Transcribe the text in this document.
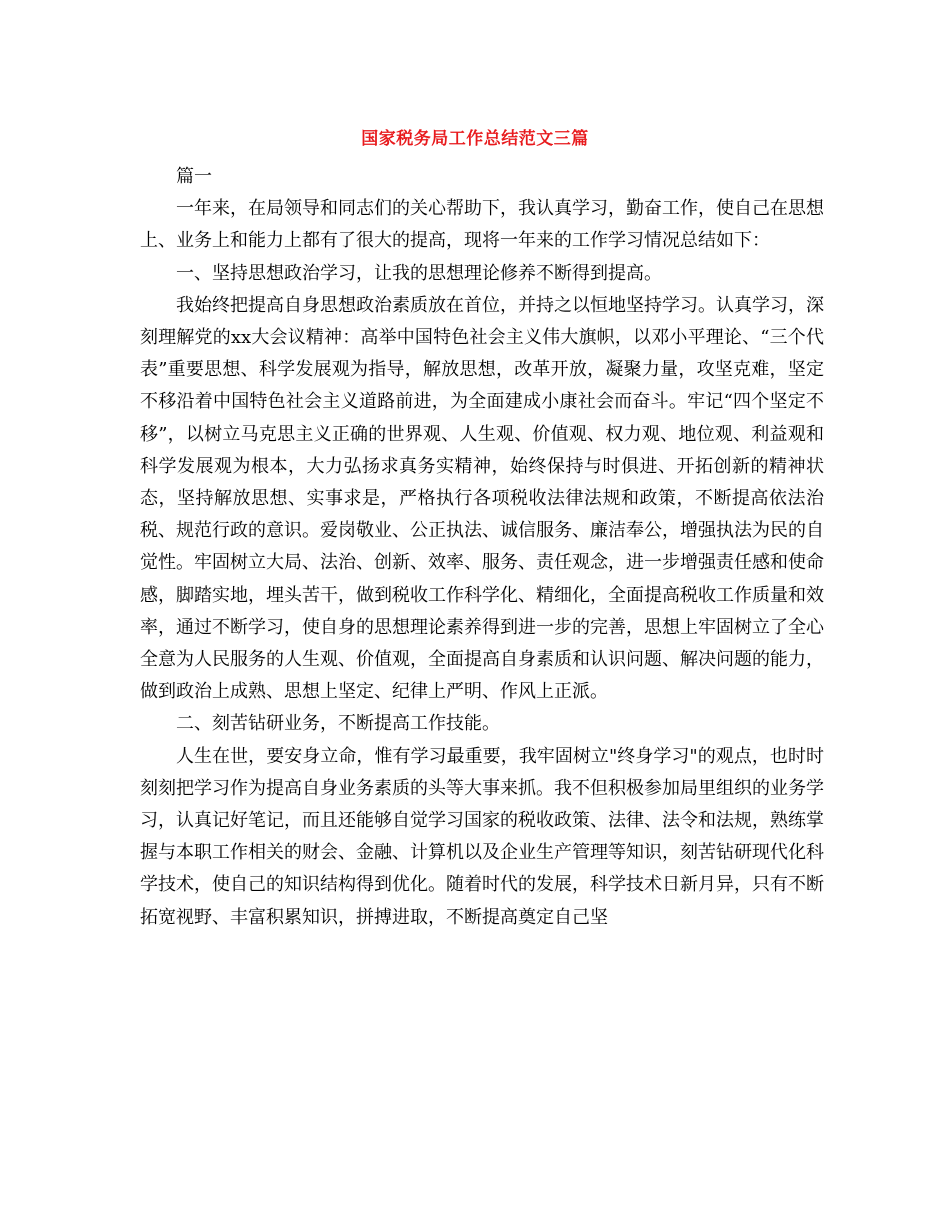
国家税务局工作总结范文三篇

篇一

一年来，在局领导和同志们的关心帮助下，我认真学习，勤奋工作，使自己在思想上、业务上和能力上都有了很大的提高，现将一年来的工作学习情况总结如下：

一、坚持思想政治学习，让我的思想理论修养不断得到提高。

我始终把提高自身思想政治素质放在首位，并持之以恒地坚持学习。认真学习，深刻理解党的xx大会议精神：高举中国特色社会主义伟大旗帜，以邓小平理论、“三个代表”重要思想、科学发展观为指导，解放思想，改革开放，凝聚力量，攻坚克难，坚定不移沿着中国特色社会主义道路前进，为全面建成小康社会而奋斗。牢记“四个坚定不移”，以树立马克思主义正确的世界观、人生观、价值观、权力观、地位观、利益观和科学发展观为根本，大力弘扬求真务实精神，始终保持与时俱进、开拓创新的精神状态，坚持解放思想、实事求是，严格执行各项税收法律法规和政策，不断提高依法治税、规范行政的意识。爱岗敬业、公正执法、诚信服务、廉洁奉公，增强执法为民的自觉性。牢固树立大局、法治、创新、效率、服务、责任观念，进一步增强责任感和使命感，脚踏实地，埋头苦干，做到税收工作科学化、精细化，全面提高税收工作质量和效率，通过不断学习，使自身的思想理论素养得到进一步的完善，思想上牢固树立了全心全意为人民服务的人生观、价值观，全面提高自身素质和认识问题、解决问题的能力，做到政治上成熟、思想上坚定、纪律上严明、作风上正派。

二、刻苦钻研业务，不断提高工作技能。

人生在世，要安身立命，惟有学习最重要，我牢固树立"终身学习"的观点，也时时刻刻把学习作为提高自身业务素质的头等大事来抓。我不但积极参加局里组织的业务学习，认真记好笔记，而且还能够自觉学习国家的税收政策、法律、法令和法规，熟练掌握与本职工作相关的财会、金融、计算机以及企业生产管理等知识，刻苦钻研现代化科学技术，使自己的知识结构得到优化。随着时代的发展，科学技术日新月异，只有不断拓宽视野、丰富积累知识，拼搏进取，不断提高奠定自己坚
